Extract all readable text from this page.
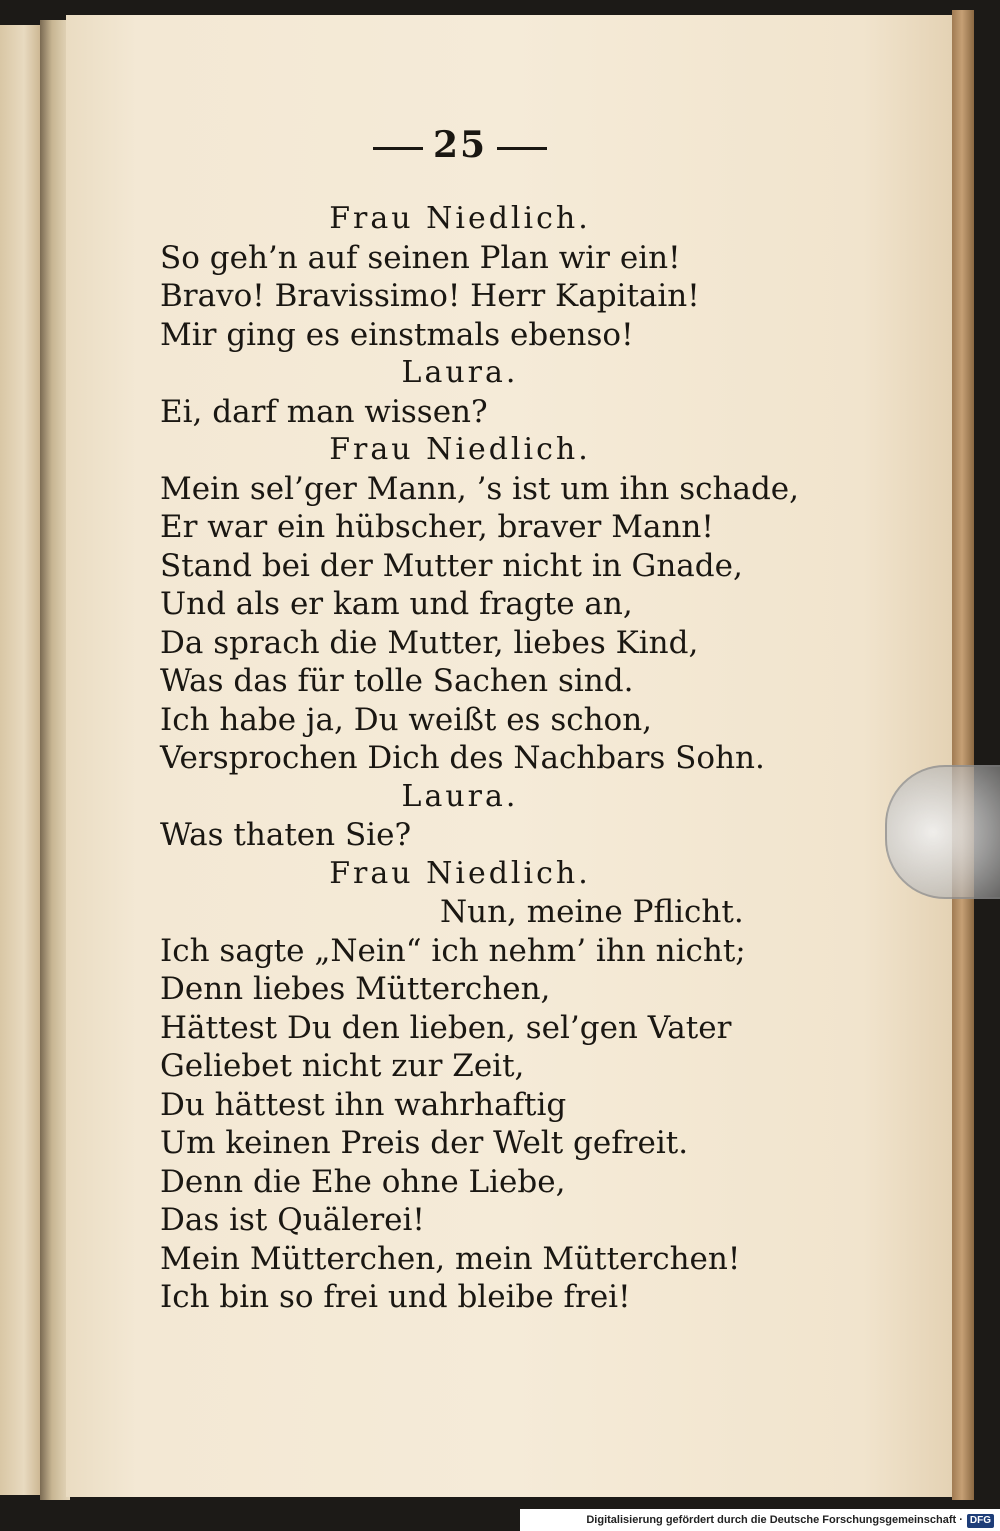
25
Frau Niedlich.
So geh’n auf seinen Plan wir ein!
Bravo! Bravissimo! Herr Kapitain!
Mir ging es einstmals ebenso!
Laura.
Ei, darf man wissen?
Frau Niedlich.
Mein sel’ger Mann, ’s ist um ihn schade,
Er war ein hübscher, braver Mann!
Stand bei der Mutter nicht in Gnade,
Und als er kam und fragte an,
Da sprach die Mutter, liebes Kind,
Was das für tolle Sachen sind.
Ich habe ja, Du weißt es schon,
Versprochen Dich des Nachbars Sohn.
Laura.
Was thaten Sie?
Frau Niedlich.
Nun, meine Pflicht.
Ich sagte „Nein“ ich nehm’ ihn nicht;
Denn liebes Mütterchen,
Hättest Du den lieben, sel’gen Vater
Geliebet nicht zur Zeit,
Du hättest ihn wahrhaftig
Um keinen Preis der Welt gefreit.
Denn die Ehe ohne Liebe,
Das ist Quälerei!
Mein Mütterchen, mein Mütterchen!
Ich bin so frei und bleibe frei!
Digitalisierung gefördert durch die Deutsche Forschungsgemeinschaft · DFG
